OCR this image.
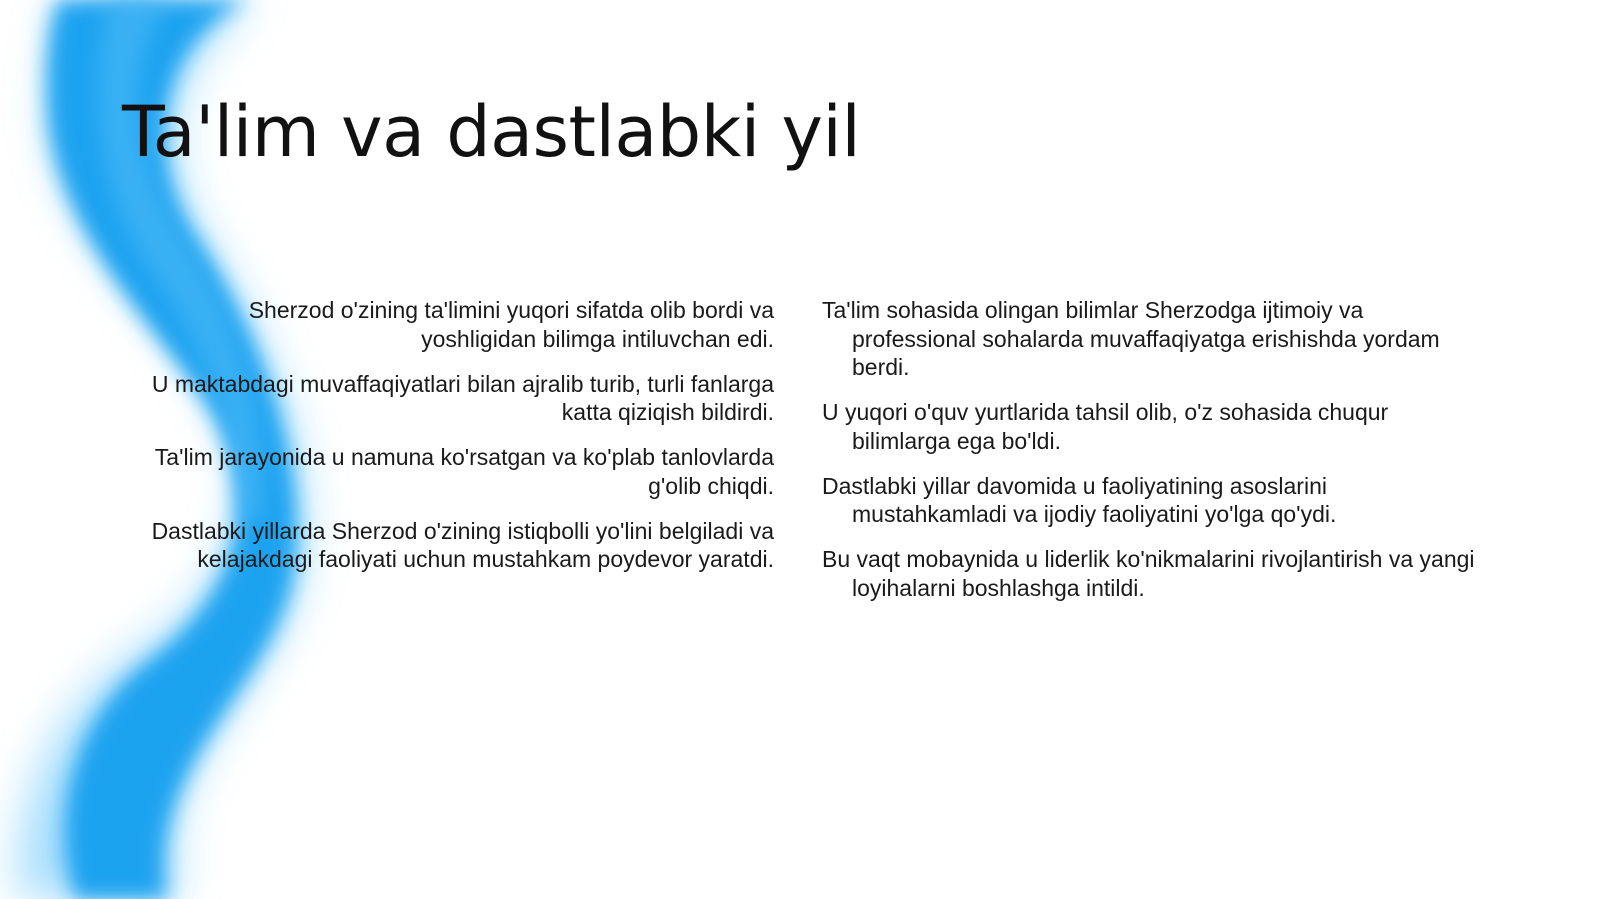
Ta'lim va dastlabki yil

Sherzod o'zining ta'limini yuqori sifatda olib bordi va yoshligidan bilimga intiluvchan edi.

U maktabdagi muvaffaqiyatlari bilan ajralib turib, turli fanlarga katta qiziqish bildirdi.

Ta'lim jarayonida u namuna ko'rsatgan va ko'plab tanlovlarda g'olib chiqdi.

Dastlabki yillarda Sherzod o'zining istiqbolli yo'lini belgiladi va kelajakdagi faoliyati uchun mustahkam poydevor yaratdi.

Ta'lim sohasida olingan bilimlar Sherzodga ijtimoiy va professional sohalarda muvaffaqiyatga erishishda yordam berdi.

U yuqori o'quv yurtlarida tahsil olib, o'z sohasida chuqur bilimlarga ega bo'ldi.

Dastlabki yillar davomida u faoliyatining asoslarini mustahkamladi va ijodiy faoliyatini yo'lga qo'ydi.

Bu vaqt mobaynida u liderlik ko'nikmalarini rivojlantirish va yangi loyihalarni boshlashga intildi.
